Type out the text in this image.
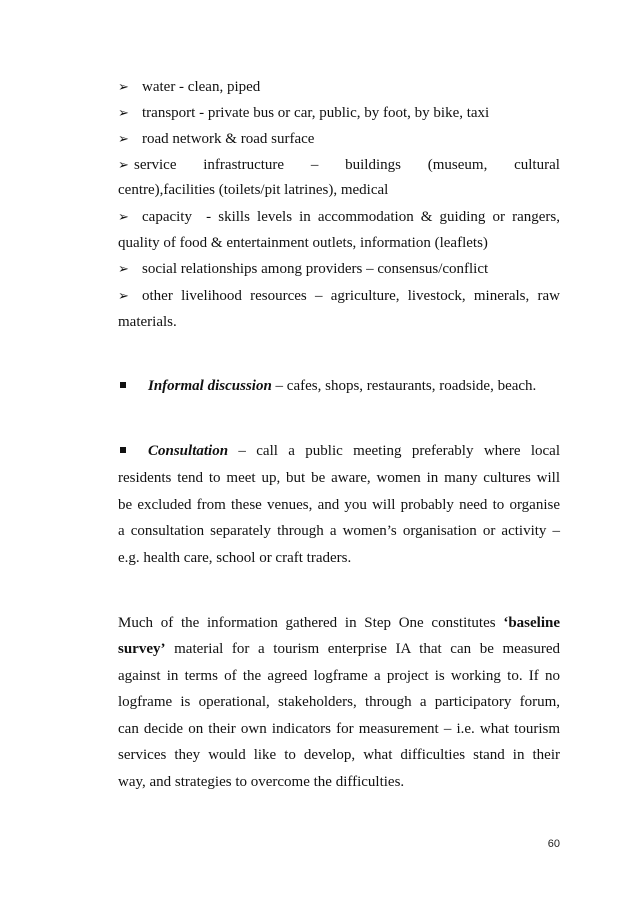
➢ water - clean, piped
➢ transport - private bus or car, public, by foot, by bike, taxi
➢ road network & road surface
➢ service infrastructure – buildings (museum, cultural
centre),facilities (toilets/pit latrines), medical
➢ capacity  - skills levels in accommodation & guiding or rangers,
quality of food & entertainment outlets, information (leaflets)
➢ social relationships among providers – consensus/conflict
➢ other livelihood resources – agriculture, livestock, minerals, raw
materials.
Informal discussion – cafes, shops, restaurants, roadside, beach.
Consultation – call a public meeting preferably where local
residents tend to meet up, but be aware, women in many cultures will
be excluded from these venues, and you will probably need to organise
a consultation separately through a women’s organisation or activity –
e.g. health care, school or craft traders.
Much of the information gathered in Step One constitutes ‘baseline
survey’ material for a tourism enterprise IA that can be measured
against in terms of the agreed logframe a project is working to. If no
logframe is operational, stakeholders, through a participatory forum,
can decide on their own indicators for measurement – i.e. what tourism
services they would like to develop, what difficulties stand in their
way, and strategies to overcome the difficulties.
60
